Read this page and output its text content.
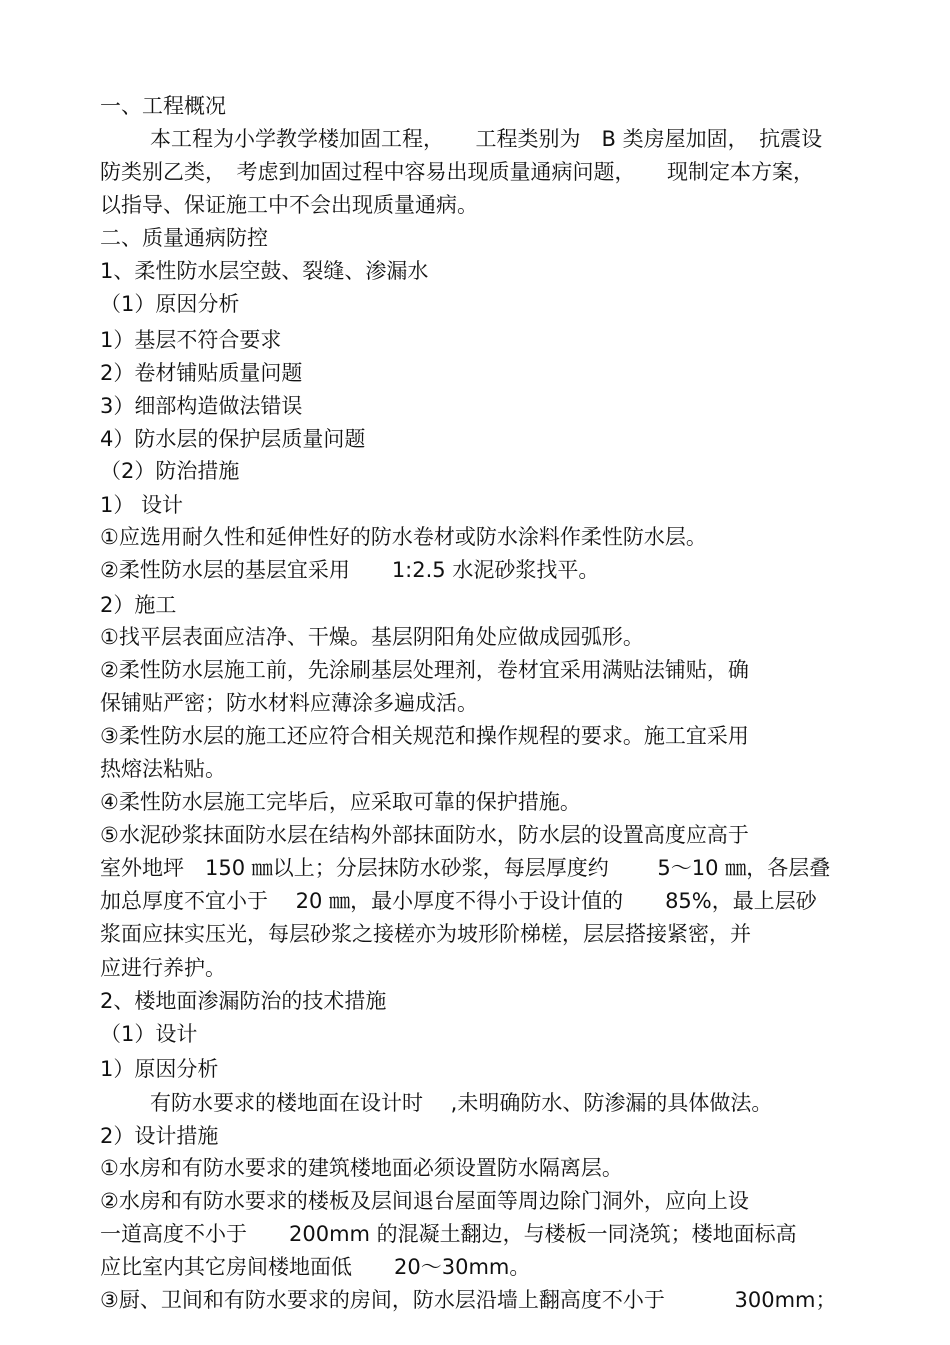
一、工程概况
本工程为小学教学楼加固工程，　　工程类别为　B 类房屋加固，　抗震设
防类别乙类，　考虑到加固过程中容易出现质量通病问题，　　现制定本方案，
以指导、保证施工中不会出现质量通病。
二、质量通病防控
1、柔性防水层空鼓、裂缝、渗漏水
（1）原因分析
1）基层不符合要求
2）卷材铺贴质量问题
3）细部构造做法错误
4）防水层的保护层质量问题
（2）防治措施
1） 设计
①应选用耐久性和延伸性好的防水卷材或防水涂料作柔性防水层。
②柔性防水层的基层宜采用　　1:2.5 水泥砂浆找平。
2）施工
①找平层表面应洁净、干燥。基层阴阳角处应做成园弧形。
②柔性防水层施工前，先涂刷基层处理剂，卷材宜采用满贴法铺贴，确
保铺贴严密；防水材料应薄涂多遍成活。
③柔性防水层的施工还应符合相关规范和操作规程的要求。施工宜采用
热熔法粘贴。
④柔性防水层施工完毕后，应采取可靠的保护措施。
⑤水泥砂浆抹面防水层在结构外部抹面防水，防水层的设置高度应高于
室外地坪　150 ㎜以上；分层抹防水砂浆，每层厚度约　　 5～10 ㎜，各层叠
加总厚度不宜小于　 20 ㎜，最小厚度不得小于设计值的　　85%，最上层砂
浆面应抹实压光，每层砂浆之接槎亦为坡形阶梯槎，层层搭接紧密，并
应进行养护。
2、楼地面渗漏防治的技术措施
（1）设计
1）原因分析
有防水要求的楼地面在设计时　 ,未明确防水、防渗漏的具体做法。
2）设计措施
①水房和有防水要求的建筑楼地面必须设置防水隔离层。
②水房和有防水要求的楼板及层间退台屋面等周边除门洞外，应向上设
一道高度不小于　　200mm 的混凝土翻边，与楼板一同浇筑；楼地面标高
应比室内其它房间楼地面低　　20～30mm。
③厨、卫间和有防水要求的房间，防水层沿墙上翻高度不小于　　　 300mm；
